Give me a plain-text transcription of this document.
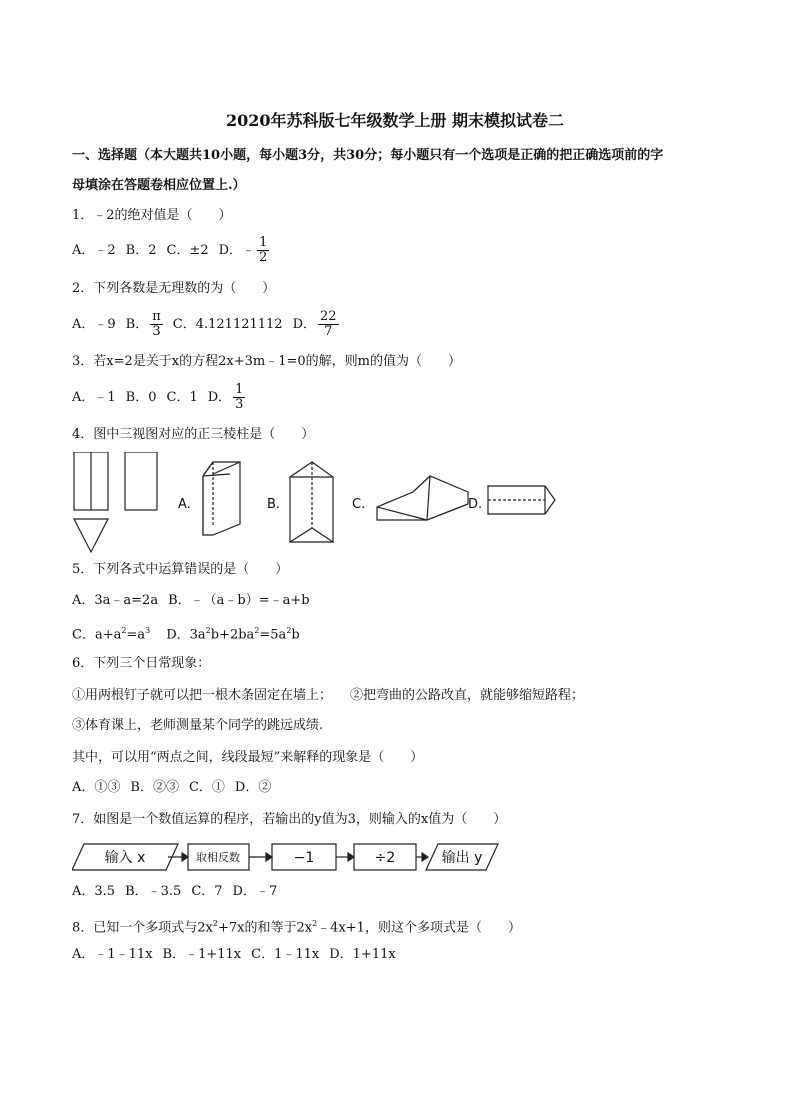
2020年苏科版七年级数学上册 期末模拟试卷二
一、选择题（本大题共10小题，每小题3分，共30分；每小题只有一个选项是正确的把正确选项前的字
母填涂在答题卷相应位置上.）
1．﹣2的绝对值是（　　）
A．﹣2 B．2 C．±2 D．﹣ $\frac{1}{2}$
2．下列各数是无理数的为（　　）
A．﹣9 B． $\frac{\pi}{3}$ C．4.121121112 D． $\frac{22}{7}$
3．若x=2是关于x的方程2x+3m﹣1=0的解，则m的值为（　　）
A．﹣1 B．0 C．1 D． $\frac{1}{3}$
4．图中三视图对应的正三棱柱是（　　）
A.	B.	C.	D.
5．下列各式中运算错误的是（　　）
A．3a﹣a=2a B．﹣（a﹣b）=﹣a+b
C．$a+a^2=a^3$ D．$3a^2b+2ba^2=5a^2b$
6．下列三个日常现象：
①用两根钉子就可以把一根木条固定在墙上； ②把弯曲的公路改直，就能够缩短路程；
③体育课上，老师测量某个同学的跳远成绩.
其中，可以用“两点之间，线段最短”来解释的现象是（　　）
A．①③ B．②③ C．① D．②
7．如图是一个数值运算的程序，若输出的y值为3，则输入的x值为（　　）
输入 x	取相反数	−1	÷2	输出 y
A．3.5 B．﹣3.5 C．7 D．﹣7
8．已知一个多项式与$2x^2+7x$的和等于$2x^2﹣4x+1$，则这个多项式是（　　）
A．﹣1﹣11x B．﹣1+11x C．1﹣11x D．1+11x
